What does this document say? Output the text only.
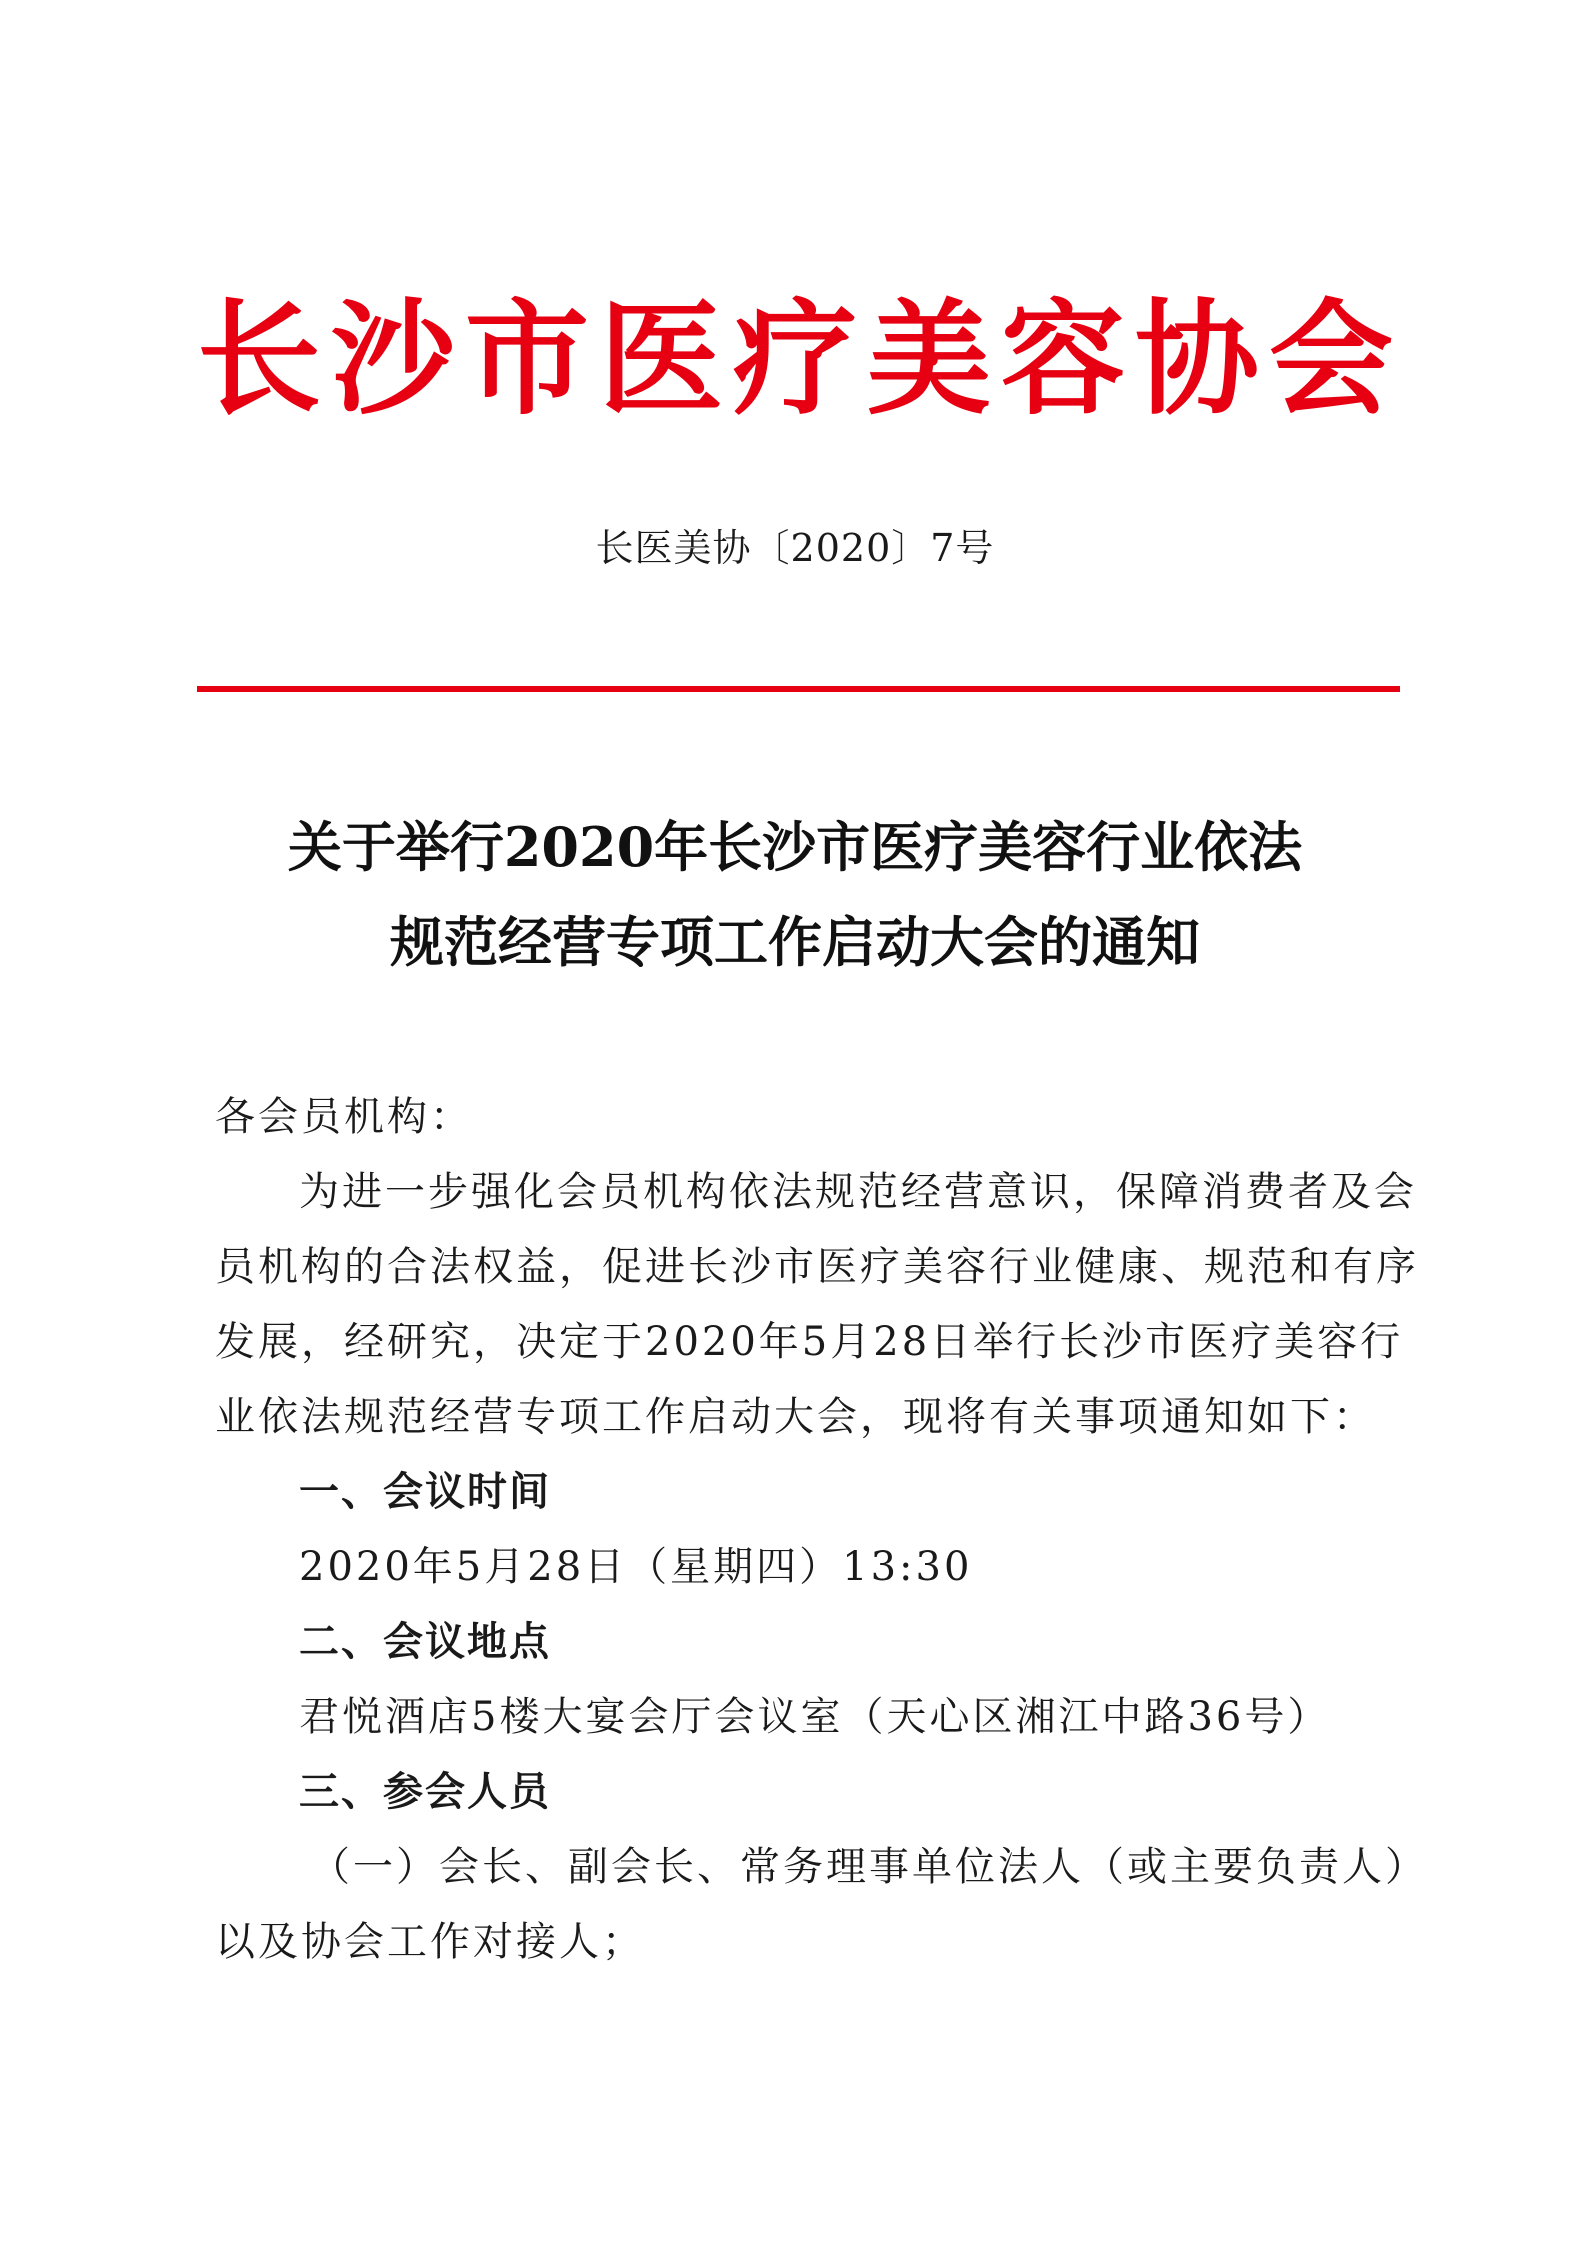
长沙市医疗美容协会
长医美协〔2020〕7号
关于举行2020年长沙市医疗美容行业依法
规范经营专项工作启动大会的通知
各会员机构：
为进一步强化会员机构依法规范经营意识，保障消费者及会
员机构的合法权益，促进长沙市医疗美容行业健康、规范和有序
发展，经研究，决定于2020年5月28日举行长沙市医疗美容行
业依法规范经营专项工作启动大会，现将有关事项通知如下：
一、会议时间
2020年5月28日（星期四）13:30
二、会议地点
君悦酒店5楼大宴会厅会议室（天心区湘江中路36号）
三、参会人员
（一）会长、副会长、常务理事单位法人（或主要负责人）
以及协会工作对接人；
